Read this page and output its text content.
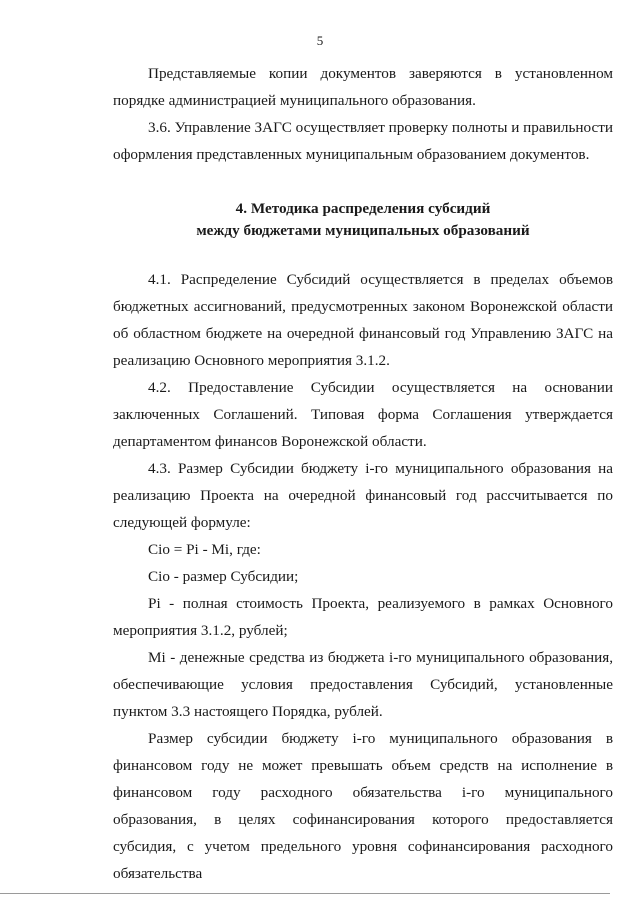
5

Представляемые копии документов заверяются в установленном порядке администрацией муниципального образования.

3.6. Управление ЗАГС осуществляет проверку полноты и правильности оформления представленных муниципальным образованием документов.

4. Методика распределения субсидий

между бюджетами муниципальных образований

4.1. Распределение Субсидий осуществляется в пределах объемов бюджетных ассигнований, предусмотренных законом Воронежской области об областном бюджете на очередной финансовый год Управлению ЗАГС на реализацию Основного мероприятия 3.1.2.

4.2. Предоставление Субсидии осуществляется на основании заключенных Соглашений. Типовая форма Соглашения утверждается департаментом финансов Воронежской области.

4.3. Размер Субсидии бюджету i-го муниципального образования на реализацию Проекта на очередной финансовый год рассчитывается по следующей формуле:

Cio = Pi - Mi, где:

Cio - размер Субсидии;

Pi - полная стоимость Проекта, реализуемого в рамках Основного мероприятия 3.1.2, рублей;

Mi - денежные средства из бюджета i-го муниципального образования, обеспечивающие условия предоставления Субсидий, установленные пунктом 3.3 настоящего Порядка, рублей.

Размер субсидии бюджету i-го муниципального образования в финансовом году не может превышать объем средств на исполнение в финансовом году расходного обязательства i-го муниципального образования, в целях софинансирования которого предоставляется субсидия, с учетом предельного уровня софинансирования расходного обязательства
